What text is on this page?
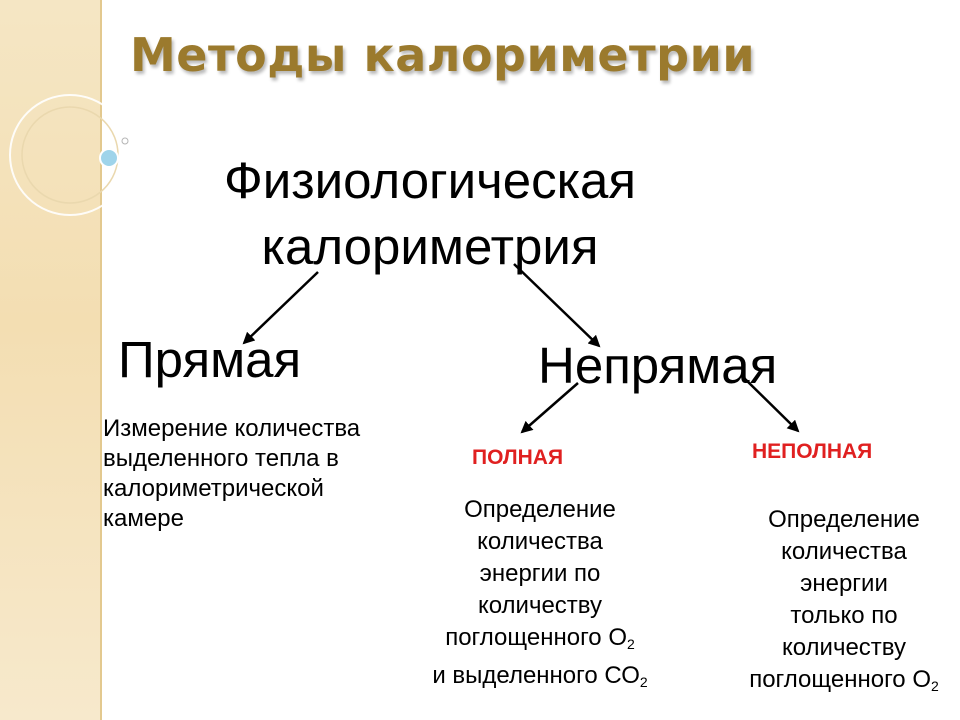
Методы калориметрии
Физиологическая
калориметрия
Прямая	Непрямая
Измерение количества
выделенного тепла в
калориметрической
камере
ПОЛНАЯ	НЕПОЛНАЯ
Определение
количества
энергии по
количеству
поглощенного $О_2$
и выделенного $СО_2$
Определение
количества
энергии
только по
количеству
поглощенного $О_2$
